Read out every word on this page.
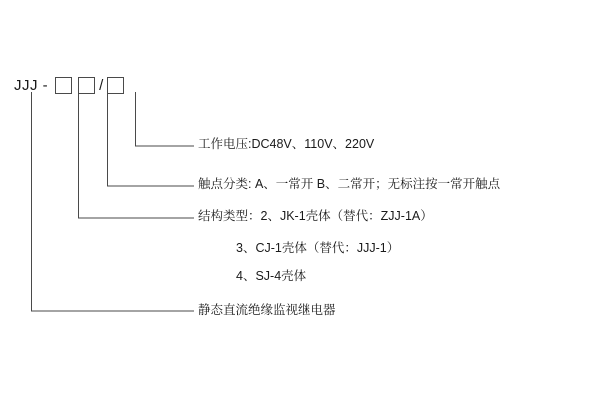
JJJ -	/
工作电压:DC48V、110V、220V
触点分类: A、一常开 B、二常开；无标注按一常开触点
结构类型：2、JK-1壳体（替代：ZJJ-1A）
3、CJ-1壳体（替代：JJJ-1）
4、SJ-4壳体
静态直流绝缘监视继电器
